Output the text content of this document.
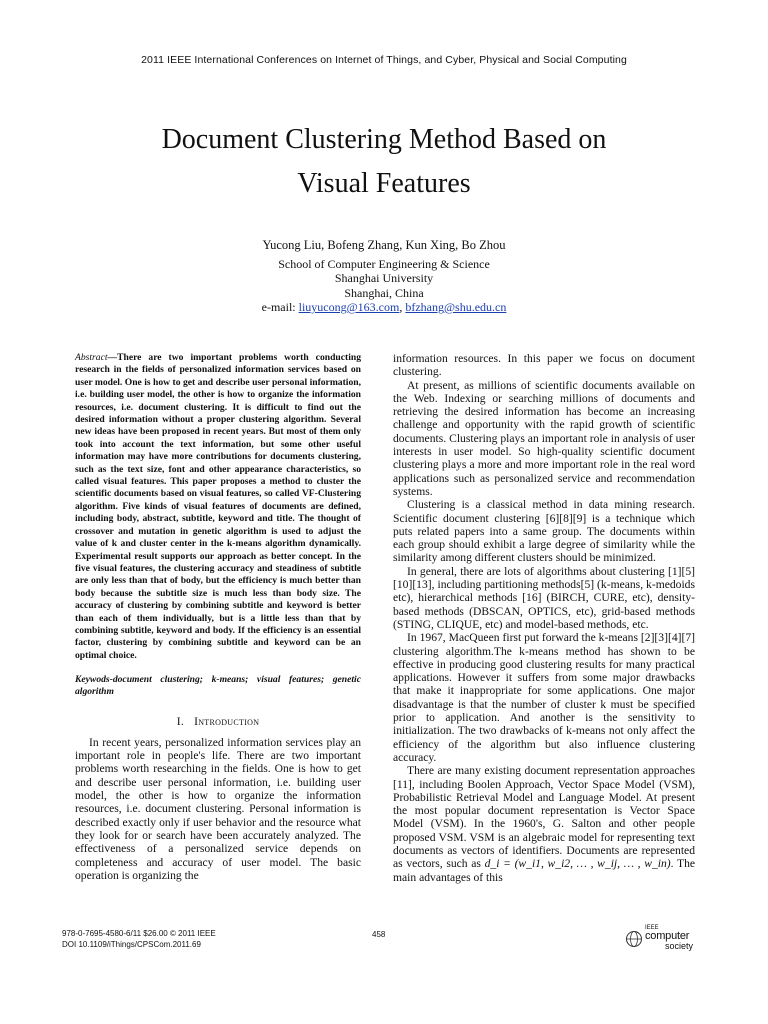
2011 IEEE International Conferences on Internet of Things, and Cyber, Physical and Social Computing
Document Clustering Method Based on
Visual Features
Yucong Liu, Bofeng Zhang, Kun Xing, Bo Zhou
School of Computer Engineering & Science
Shanghai University
Shanghai, China
e-mail: liuyucong@163.com, bfzhang@shu.edu.cn
Abstract—There are two important problems worth conducting research in the fields of personalized information services based on user model. One is how to get and describe user personal information, i.e. building user model, the other is how to organize the information resources, i.e. document clustering. It is difficult to find out the desired information without a proper clustering algorithm. Several new ideas have been proposed in recent years. But most of them only took into account the text information, but some other useful information may have more contributions for documents clustering, such as the text size, font and other appearance characteristics, so called visual features. This paper proposes a method to cluster the scientific documents based on visual features, so called VF-Clustering algorithm. Five kinds of visual features of documents are defined, including body, abstract, subtitle, keyword and title. The thought of crossover and mutation in genetic algorithm is used to adjust the value of k and cluster center in the k-means algorithm dynamically. Experimental result supports our approach as better concept. In the five visual features, the clustering accuracy and steadiness of subtitle are only less than that of body, but the efficiency is much better than body because the subtitle size is much less than body size. The accuracy of clustering by combining subtitle and keyword is better than each of them individually, but is a little less than that by combining subtitle, keyword and body. If the efficiency is an essential factor, clustering by combining subtitle and keyword can be an optimal choice.
Keywods-document clustering; k-means; visual features; genetic algorithm
I. Introduction

In recent years, personalized information services play an important role in people's life. There are two important problems worth researching in the fields. One is how to get and describe user personal information, i.e. building user model, the other is how to organize the information resources, i.e. document clustering. Personal information is described exactly only if user behavior and the resource what they look for or search have been accurately analyzed. The effectiveness of a personalized service depends on completeness and accuracy of user model. The basic operation is organizing the

information resources. In this paper we focus on document clustering.

At present, as millions of scientific documents available on the Web. Indexing or searching millions of documents and retrieving the desired information has become an increasing challenge and opportunity with the rapid growth of scientific documents. Clustering plays an important role in analysis of user interests in user model. So high-quality scientific document clustering plays a more and more important role in the real word applications such as personalized service and recommendation systems.

Clustering is a classical method in data mining research. Scientific document clustering [6][8][9] is a technique which puts related papers into a same group. The documents within each group should exhibit a large degree of similarity while the similarity among different clusters should be minimized.

In general, there are lots of algorithms about clustering [1][5][10][13], including partitioning methods[5] (k-means, k-medoids etc), hierarchical methods [16] (BIRCH, CURE, etc), density-based methods (DBSCAN, OPTICS, etc), grid-based methods (STING, CLIQUE, etc) and model-based methods, etc.

In 1967, MacQueen first put forward the k-means [2][3][4][7] clustering algorithm.The k-means method has shown to be effective in producing good clustering results for many practical applications. However it suffers from some major drawbacks that make it inappropriate for some applications. One major disadvantage is that the number of cluster k must be specified prior to application. And another is the sensitivity to initialization. The two drawbacks of k-means not only affect the efficiency of the algorithm but also influence clustering accuracy.

There are many existing document representation approaches [11], including Boolen Approach, Vector Space Model (VSM), Probabilistic Retrieval Model and Language Model. At present the most popular document representation is Vector Space Model (VSM). In the 1960's, G. Salton and other people proposed VSM. VSM is an algebraic model for representing text documents as vectors of identifiers. Documents are represented as vectors, such as d_i = (w_i1, w_i2, … , w_ij, … , w_in). The main advantages of this

978-0-7695-4580-6/11 $26.00 © 2011 IEEE
DOI 10.1109/iThings/CPSCom.2011.69
458
IEEE
computer
society
